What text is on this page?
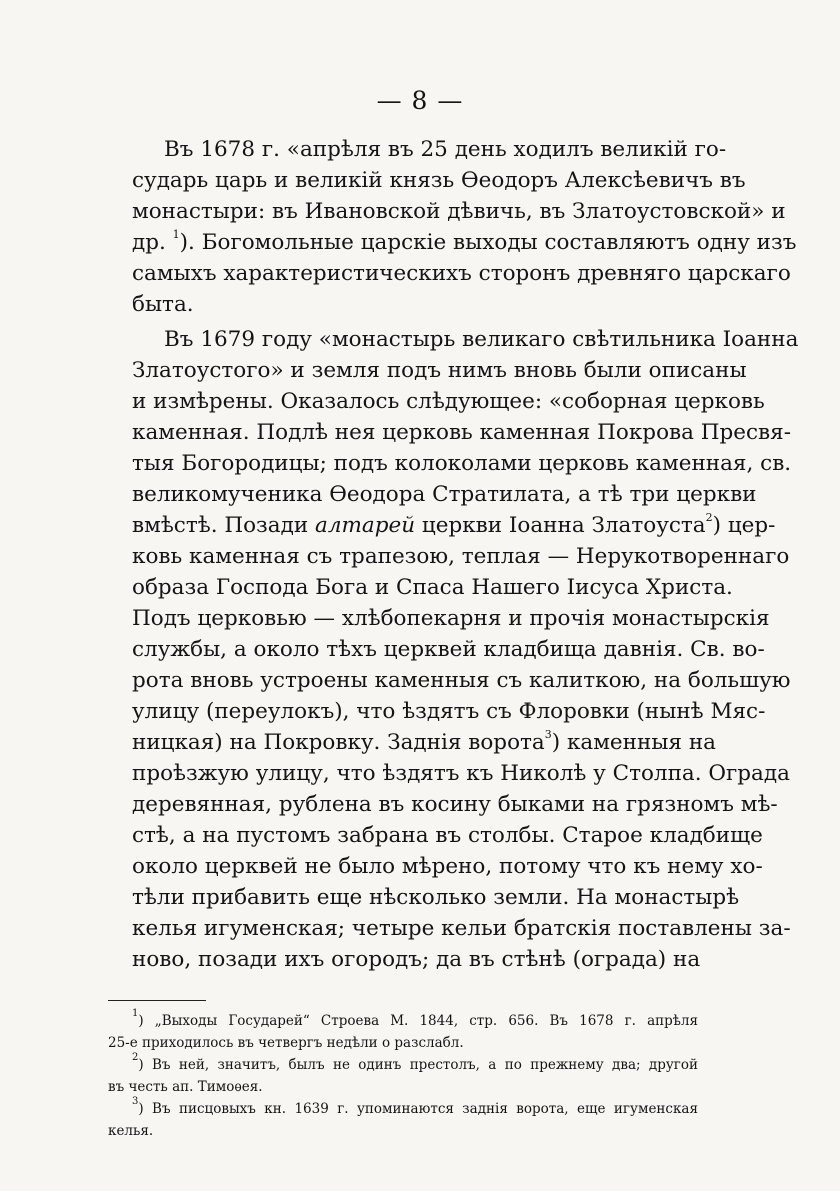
— 8 —
Въ 1678 г. «апрѣля въ 25 день ходилъ великій го-
сударь царь и великій князь Ѳеодоръ Алексѣевичъ въ
монастыри: въ Ивановской дѣвичь, въ Златоустовской» и
др. $^1$). Богомольные царскіе выходы составляютъ одну изъ
самыхъ характеристическихъ сторонъ древняго царскаго
быта.
Въ 1679 году «монастырь великаго свѣтильника Іоанна
Златоустого» и земля подъ нимъ вновь были описаны
и измѣрены. Оказалось слѣдующее: «соборная церковь
каменная. Подлѣ нея церковь каменная Покрова Пресвя-
тыя Богородицы; подъ колоколами церковь каменная, св.
великомученика Ѳеодора Стратилата, а тѣ три церкви
вмѣстѣ. Позади алтарей церкви Іоанна Златоуста$^2$) цер-
ковь каменная съ трапезою, теплая — Нерукотвореннаго
образа Господа Бога и Спаса Нашего Іисуса Христа.
Подъ церковью — хлѣбопекарня и прочія монастырскія
службы, а около тѣхъ церквей кладбища давнія. Св. во-
рота вновь устроены каменныя съ калиткою, на большую
улицу (переулокъ), что ѣздятъ съ Флоровки (нынѣ Мяс-
ницкая) на Покровку. Заднія ворота$^3$) каменныя на
проѣзжую улицу, что ѣздятъ къ Николѣ у Столпа. Ограда
деревянная, рублена въ косину быками на грязномъ мѣ-
стѣ, а на пустомъ забрана въ столбы. Старое кладбище
около церквей не было мѣрено, потому что къ нему хо-
тѣли прибавить еще нѣсколько земли. На монастырѣ
келья игуменская; четыре кельи братскія поставлены за-
ново, позади ихъ огородъ; да въ стѣнѣ (ограда) на
$^1$) „Выходы Государей“ Строева М. 1844, стр. 656. Въ 1678 г. апрѣля
25-е приходилось въ четвергъ недѣли о разслабл.
$^2$) Въ ней, значитъ, былъ не одинъ престолъ, а по прежнему два; другой
въ честь ап. Тимоѳея.
$^3$) Въ писцовыхъ кн. 1639 г. упоминаются заднія ворота, еще игуменская
келья.
